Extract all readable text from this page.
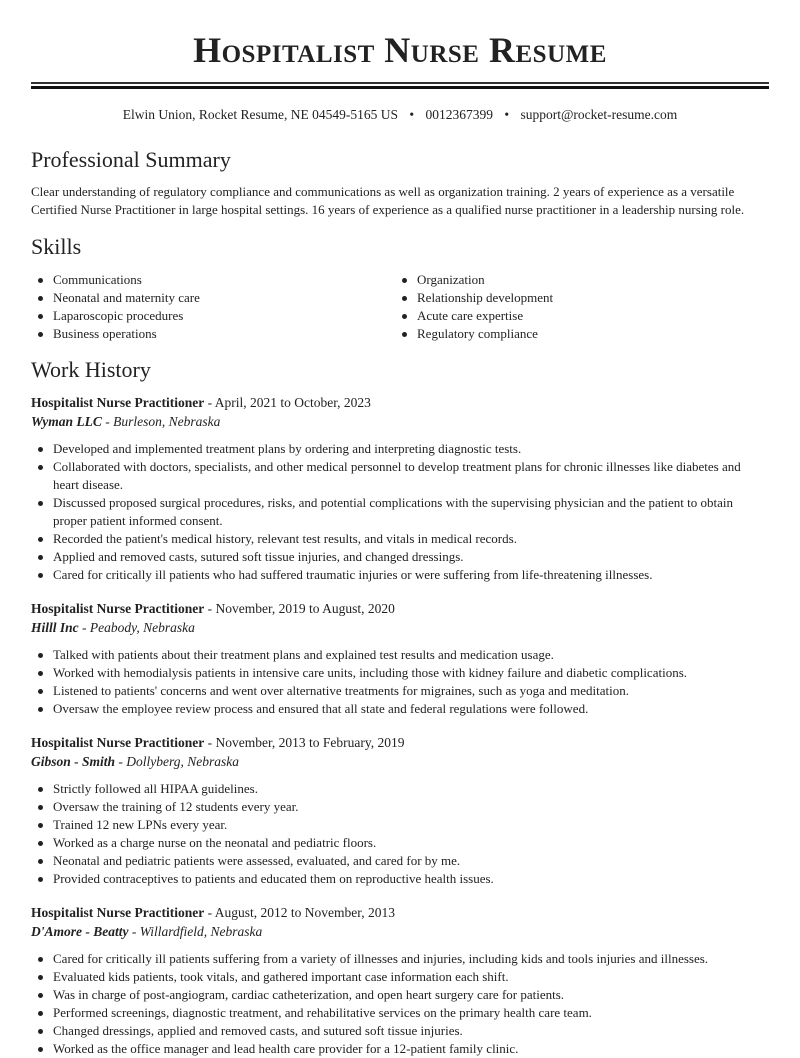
Hospitalist Nurse Resume
Elwin Union, Rocket Resume, NE 04549-5165 US • 0012367399 • support@rocket-resume.com
Professional Summary

Clear understanding of regulatory compliance and communications as well as organization training. 2 years of experience as a versatile Certified Nurse Practitioner in large hospital settings. 16 years of experience as a qualified nurse practitioner in a leadership nursing role.

Skills
Communications
Neonatal and maternity care
Laparoscopic procedures
Business operations
Organization
Relationship development
Acute care expertise
Regulatory compliance
Work History
Hospitalist Nurse Practitioner - April, 2021 to October, 2023
Wyman LLC - Burleson, Nebraska
Developed and implemented treatment plans by ordering and interpreting diagnostic tests.
Collaborated with doctors, specialists, and other medical personnel to develop treatment plans for chronic illnesses like diabetes and heart disease.
Discussed proposed surgical procedures, risks, and potential complications with the supervising physician and the patient to obtain proper patient informed consent.
Recorded the patient's medical history, relevant test results, and vitals in medical records.
Applied and removed casts, sutured soft tissue injuries, and changed dressings.
Cared for critically ill patients who had suffered traumatic injuries or were suffering from life-threatening illnesses.
Hospitalist Nurse Practitioner - November, 2019 to August, 2020
Hilll Inc - Peabody, Nebraska
Talked with patients about their treatment plans and explained test results and medication usage.
Worked with hemodialysis patients in intensive care units, including those with kidney failure and diabetic complications.
Listened to patients' concerns and went over alternative treatments for migraines, such as yoga and meditation.
Oversaw the employee review process and ensured that all state and federal regulations were followed.
Hospitalist Nurse Practitioner - November, 2013 to February, 2019
Gibson - Smith - Dollyberg, Nebraska
Strictly followed all HIPAA guidelines.
Oversaw the training of 12 students every year.
Trained 12 new LPNs every year.
Worked as a charge nurse on the neonatal and pediatric floors.
Neonatal and pediatric patients were assessed, evaluated, and cared for by me.
Provided contraceptives to patients and educated them on reproductive health issues.
Hospitalist Nurse Practitioner - August, 2012 to November, 2013
D'Amore - Beatty - Willardfield, Nebraska
Cared for critically ill patients suffering from a variety of illnesses and injuries, including kids and tools injuries and illnesses.
Evaluated kids patients, took vitals, and gathered important case information each shift.
Was in charge of post-angiogram, cardiac catheterization, and open heart surgery care for patients.
Performed screenings, diagnostic treatment, and rehabilitative services on the primary health care team.
Changed dressings, applied and removed casts, and sutured soft tissue injuries.
Worked as the office manager and lead health care provider for a 12-patient family clinic.
